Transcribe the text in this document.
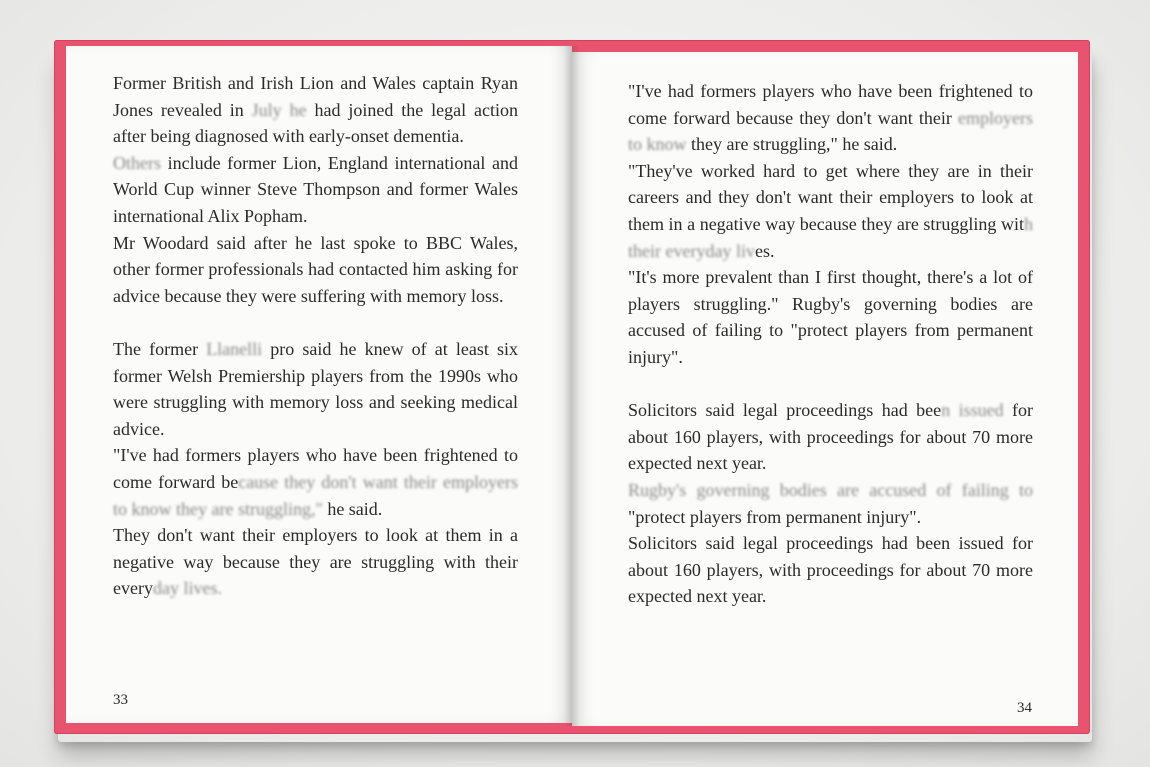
Former British and Irish Lion and Wales captain Ryan Jones revealed in July he had joined the legal action after being diagnosed with early-onset dementia.

Others include former Lion, England international and World Cup winner Steve Thompson and former Wales international Alix Popham.

Mr Woodard said after he last spoke to BBC Wales, other former professionals had contacted him asking for advice because they were suffering with memory loss.

The former Llanelli pro said he knew of at least six former Welsh Premiership players from the 1990s who were struggling with memory loss and seeking medical advice.

"I've had formers players who have been frightened to come forward because they don't want their employers to know they are struggling," he said.

They don't want their employers to look at them in a negative way because they are struggling with their everyday lives.

33

"I've had formers players who have been frightened to come forward because they don't want their employers to know they are struggling," he said.

"They've worked hard to get where they are in their careers and they don't want their employers to look at them in a negative way because they are struggling with their everyday lives.

"It's more prevalent than I first thought, there's a lot of players struggling." Rugby's governing bodies are accused of failing to "protect players from permanent injury".

Solicitors said legal proceedings had been issued for about 160 players, with proceedings for about 70 more expected next year.

Rugby's governing bodies are accused of failing to "protect players from permanent injury".

Solicitors said legal proceedings had been issued for about 160 players, with proceedings for about 70 more expected next year.

34
